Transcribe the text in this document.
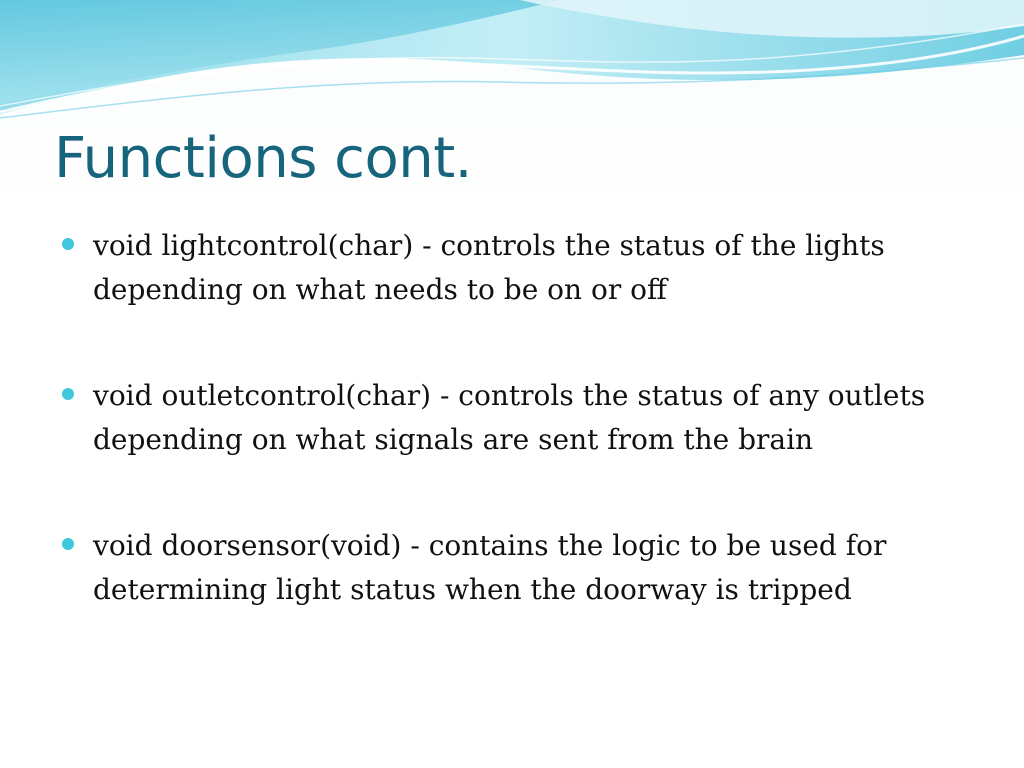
Functions cont.
void lightcontrol(char) - controls the status of the lights depending on what needs to be on or off
void outletcontrol(char) - controls the status of any outlets depending on what signals are sent from the brain
void doorsensor(void) - contains the logic to be used for determining light status when the doorway is tripped
